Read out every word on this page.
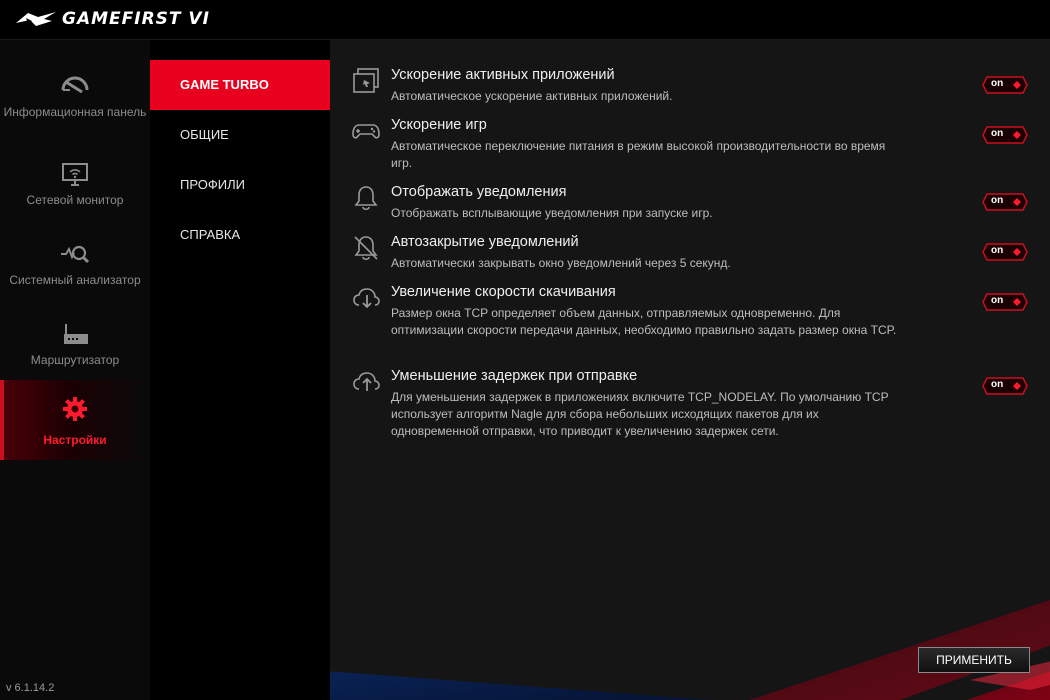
GAMEFIRST VI
Информационная панель
Сетевой монитор
Системный анализатор
Маршрутизатор
Настройки
v 6.1.14.2
GAME TURBO
ОБЩИЕ
ПРОФИЛИ
СПРАВКА
Ускорение активных приложений
Автоматическое ускорение активных приложений.
on
Ускорение игр
Автоматическое переключение питания в режим высокой производительности во время игр.
on
Отображать уведомления
Отображать всплывающие уведомления при запуске игр.
on
Автозакрытие уведомлений
Автоматически закрывать окно уведомлений через 5 секунд.
on
Увеличение скорости скачивания
Размер окна TCP определяет объем данных, отправляемых одновременно. Для оптимизации скорости передачи данных, необходимо правильно задать размер окна TCP.
on
Уменьшение задержек при отправке
Для уменьшения задержек в приложениях включите TCP_NODELAY. По умолчанию TCP использует алгоритм Nagle для сбора небольших исходящих пакетов для их одновременной отправки, что приводит к увеличению задержек сети.
on
ПРИМЕНИТЬ
